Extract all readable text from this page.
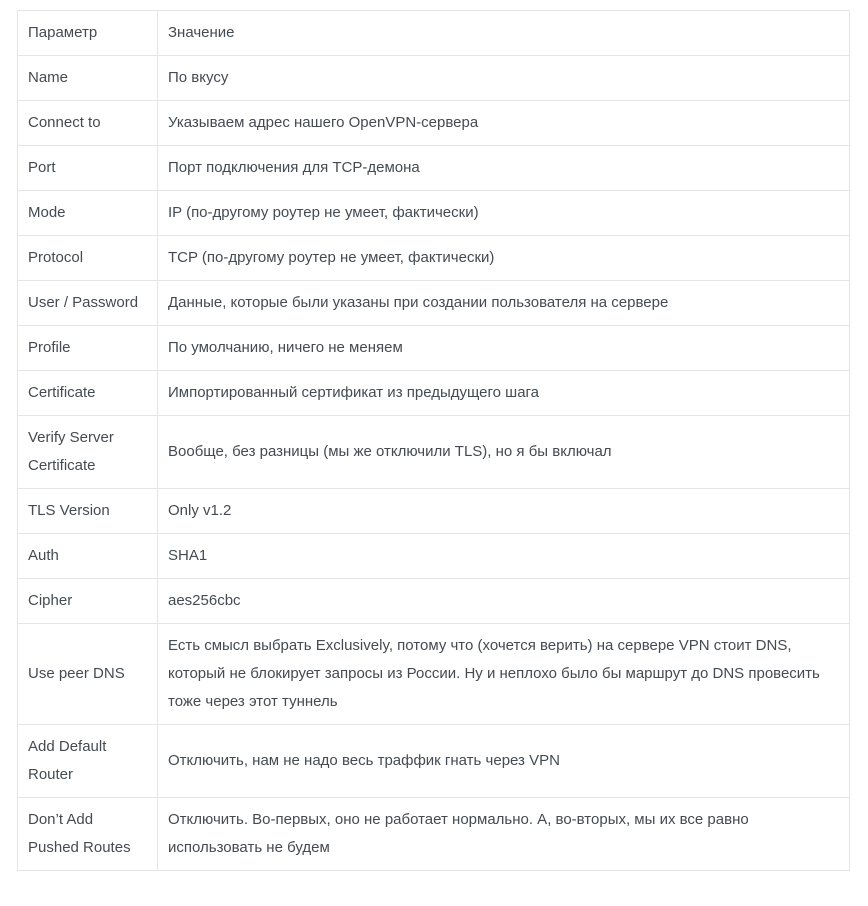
Параметр	Значение
Name	По вкусу
Connect to	Указываем адрес нашего OpenVPN-сервера
Port	Порт подключения для TCP-демона
Mode	IP (по-другому роутер не умеет, фактически)
Protocol	TCP (по-другому роутер не умеет, фактически)
User / Password	Данные, которые были указаны при создании пользователя на сервере
Profile	По умолчанию, ничего не меняем
Certificate	Импортированный сертификат из предыдущего шага
Verify Server Certificate	Вообще, без разницы (мы же отключили TLS), но я бы включал
TLS Version	Only v1.2
Auth	SHA1
Cipher	aes256cbc
Use peer DNS	Есть смысл выбрать Exclusively, потому что (хочется верить) на сервере VPN стоит DNS, который не блокирует запросы из России. Ну и неплохо было бы маршрут до DNS провесить тоже через этот туннель
Add Default Router	Отключить, нам не надо весь траффик гнать через VPN
Don’t Add Pushed Routes	Отключить. Во-первых, оно не работает нормально. А, во-вторых, мы их все равно использовать не будем
